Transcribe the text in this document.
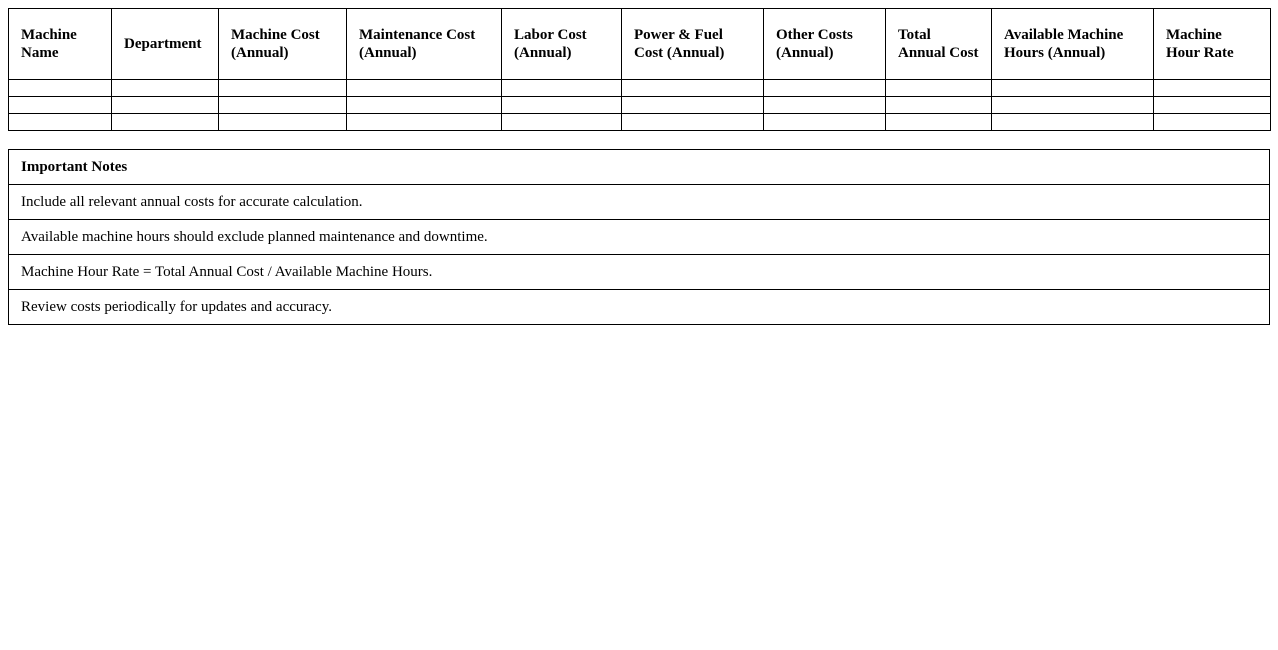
Machine Name	Department	Machine Cost (Annual)	Maintenance Cost (Annual)	Labor Cost (Annual)	Power & Fuel Cost (Annual)	Other Costs (Annual)	Total Annual Cost	Available Machine Hours (Annual)	Machine Hour Rate

Important Notes
Include all relevant annual costs for accurate calculation.
Available machine hours should exclude planned maintenance and downtime.
Machine Hour Rate = Total Annual Cost / Available Machine Hours.
Review costs periodically for updates and accuracy.
